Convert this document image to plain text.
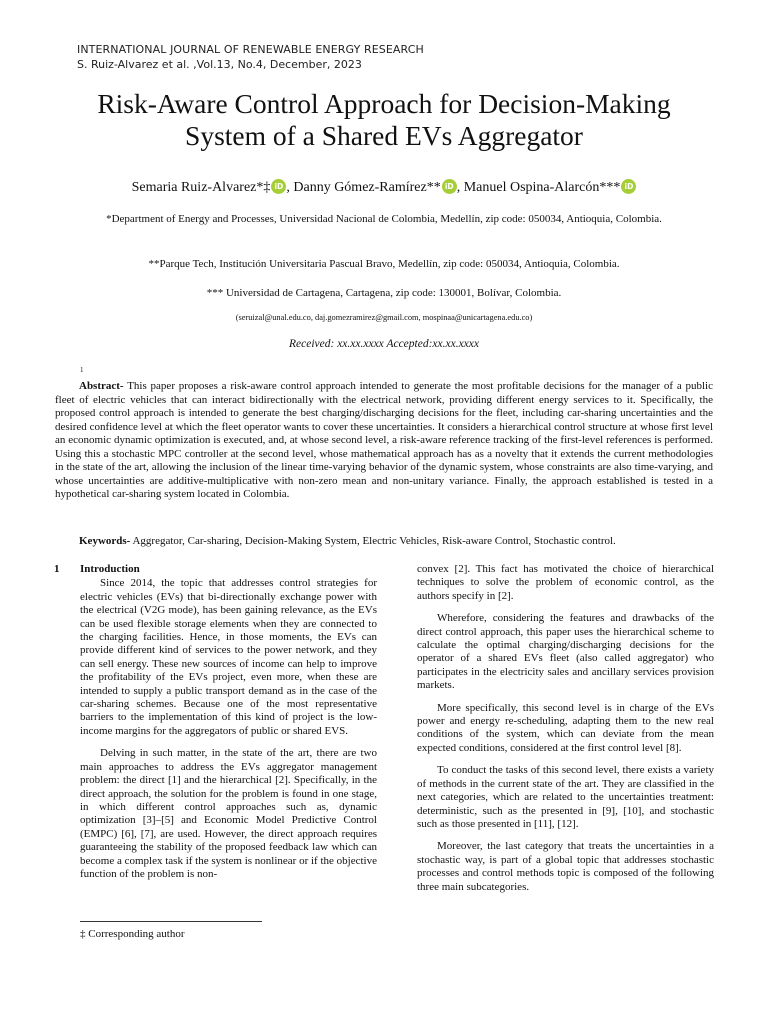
INTERNATIONAL JOURNAL OF RENEWABLE ENERGY RESEARCH
S. Ruiz-Alvarez et al. ,Vol.13, No.4, December, 2023
Risk-Aware Control Approach for Decision-Making System of a Shared EVs Aggregator
Semaria Ruiz-Alvarez*‡ iD , Danny Gómez-Ramírez** iD , Manuel Ospina-Alarcón*** iD
*Department of Energy and Processes, Universidad Nacional de Colombia, Medellín, zip code: 050034, Antioquia, Colombia.
**Parque Tech, Institución Universitaria Pascual Bravo, Medellín, zip code: 050034, Antioquia, Colombia.
*** Universidad de Cartagena, Cartagena, zip code: 130001, Bolívar, Colombia.
(seruizal@unal.edu.co, daj.gomezramirez@gmail.com, mospinaa@unicartagena.edu.co)
Received: xx.xx.xxxx Accepted:xx.xx.xxxx
1

Abstract- This paper proposes a risk-aware control approach intended to generate the most profitable decisions for the manager of a public fleet of electric vehicles that can interact bidirectionally with the electrical network, providing different energy services to it. Specifically, the proposed control approach is intended to generate the best charging/discharging decisions for the fleet, including car-sharing uncertainties and the desired confidence level at which the fleet operator wants to cover these uncertainties. It considers a hierarchical control structure at whose first level an economic dynamic optimization is executed, and, at whose second level, a risk-aware reference tracking of the first-level references is performed. Using this a stochastic MPC controller at the second level, whose mathematical approach has as a novelty that it extends the current methodologies in the state of the art, allowing the inclusion of the linear time-varying behavior of the dynamic system, whose constraints are also time-varying, and whose uncertainties are additive-multiplicative with non-zero mean and non-unitary variance. Finally, the approach established is tested in a hypothetical car-sharing system located in Colombia.

Keywords- Aggregator, Car-sharing, Decision-Making System, Electric Vehicles, Risk-aware Control, Stochastic control.

1 Introduction

Since 2014, the topic that addresses control strategies for electric vehicles (EVs) that bi-directionally exchange power with the electrical (V2G mode), has been gaining relevance, as the EVs can be used flexible storage elements when they are connected to the charging facilities. Hence, in those moments, the EVs can provide different kind of services to the power network, and they can sell energy. These new sources of income can help to improve the profitability of the EVs project, even more, when these are intended to supply a public transport demand as in the case of the car-sharing schemes. Because one of the most representative barriers to the implementation of this kind of project is the low-income margins for the aggregators of public or shared EVS.

Delving in such matter, in the state of the art, there are two main approaches to address the EVs aggregator management problem: the direct [1] and the hierarchical [2]. Specifically, in the direct approach, the solution for the problem is found in one stage, in which different control approaches such as, dynamic optimization [3]–[5] and Economic Model Predictive Control (EMPC) [6], [7], are used. However, the direct approach requires guaranteeing the stability of the proposed feedback law which can become a complex task if the system is nonlinear or if the objective function of the problem is non-

convex [2]. This fact has motivated the choice of hierarchical techniques to solve the problem of economic control, as the authors specify in [2].

Wherefore, considering the features and drawbacks of the direct control approach, this paper uses the hierarchical scheme to calculate the optimal charging/discharging decisions for the operator of a shared EVs fleet (also called aggregator) who participates in the electricity sales and ancillary services provision markets.

More specifically, this second level is in charge of the EVs power and energy re-scheduling, adapting them to the new real conditions of the system, which can deviate from the mean expected conditions, considered at the first control level [8].

To conduct the tasks of this second level, there exists a variety of methods in the current state of the art. They are classified in the next categories, which are related to the uncertainties treatment: deterministic, such as the presented in [9], [10], and stochastic such as those presented in [11], [12].

Moreover, the last category that treats the uncertainties in a stochastic way, is part of a global topic that addresses stochastic processes and control methods topic is composed of the following three main subcategories.

‡ Corresponding author
